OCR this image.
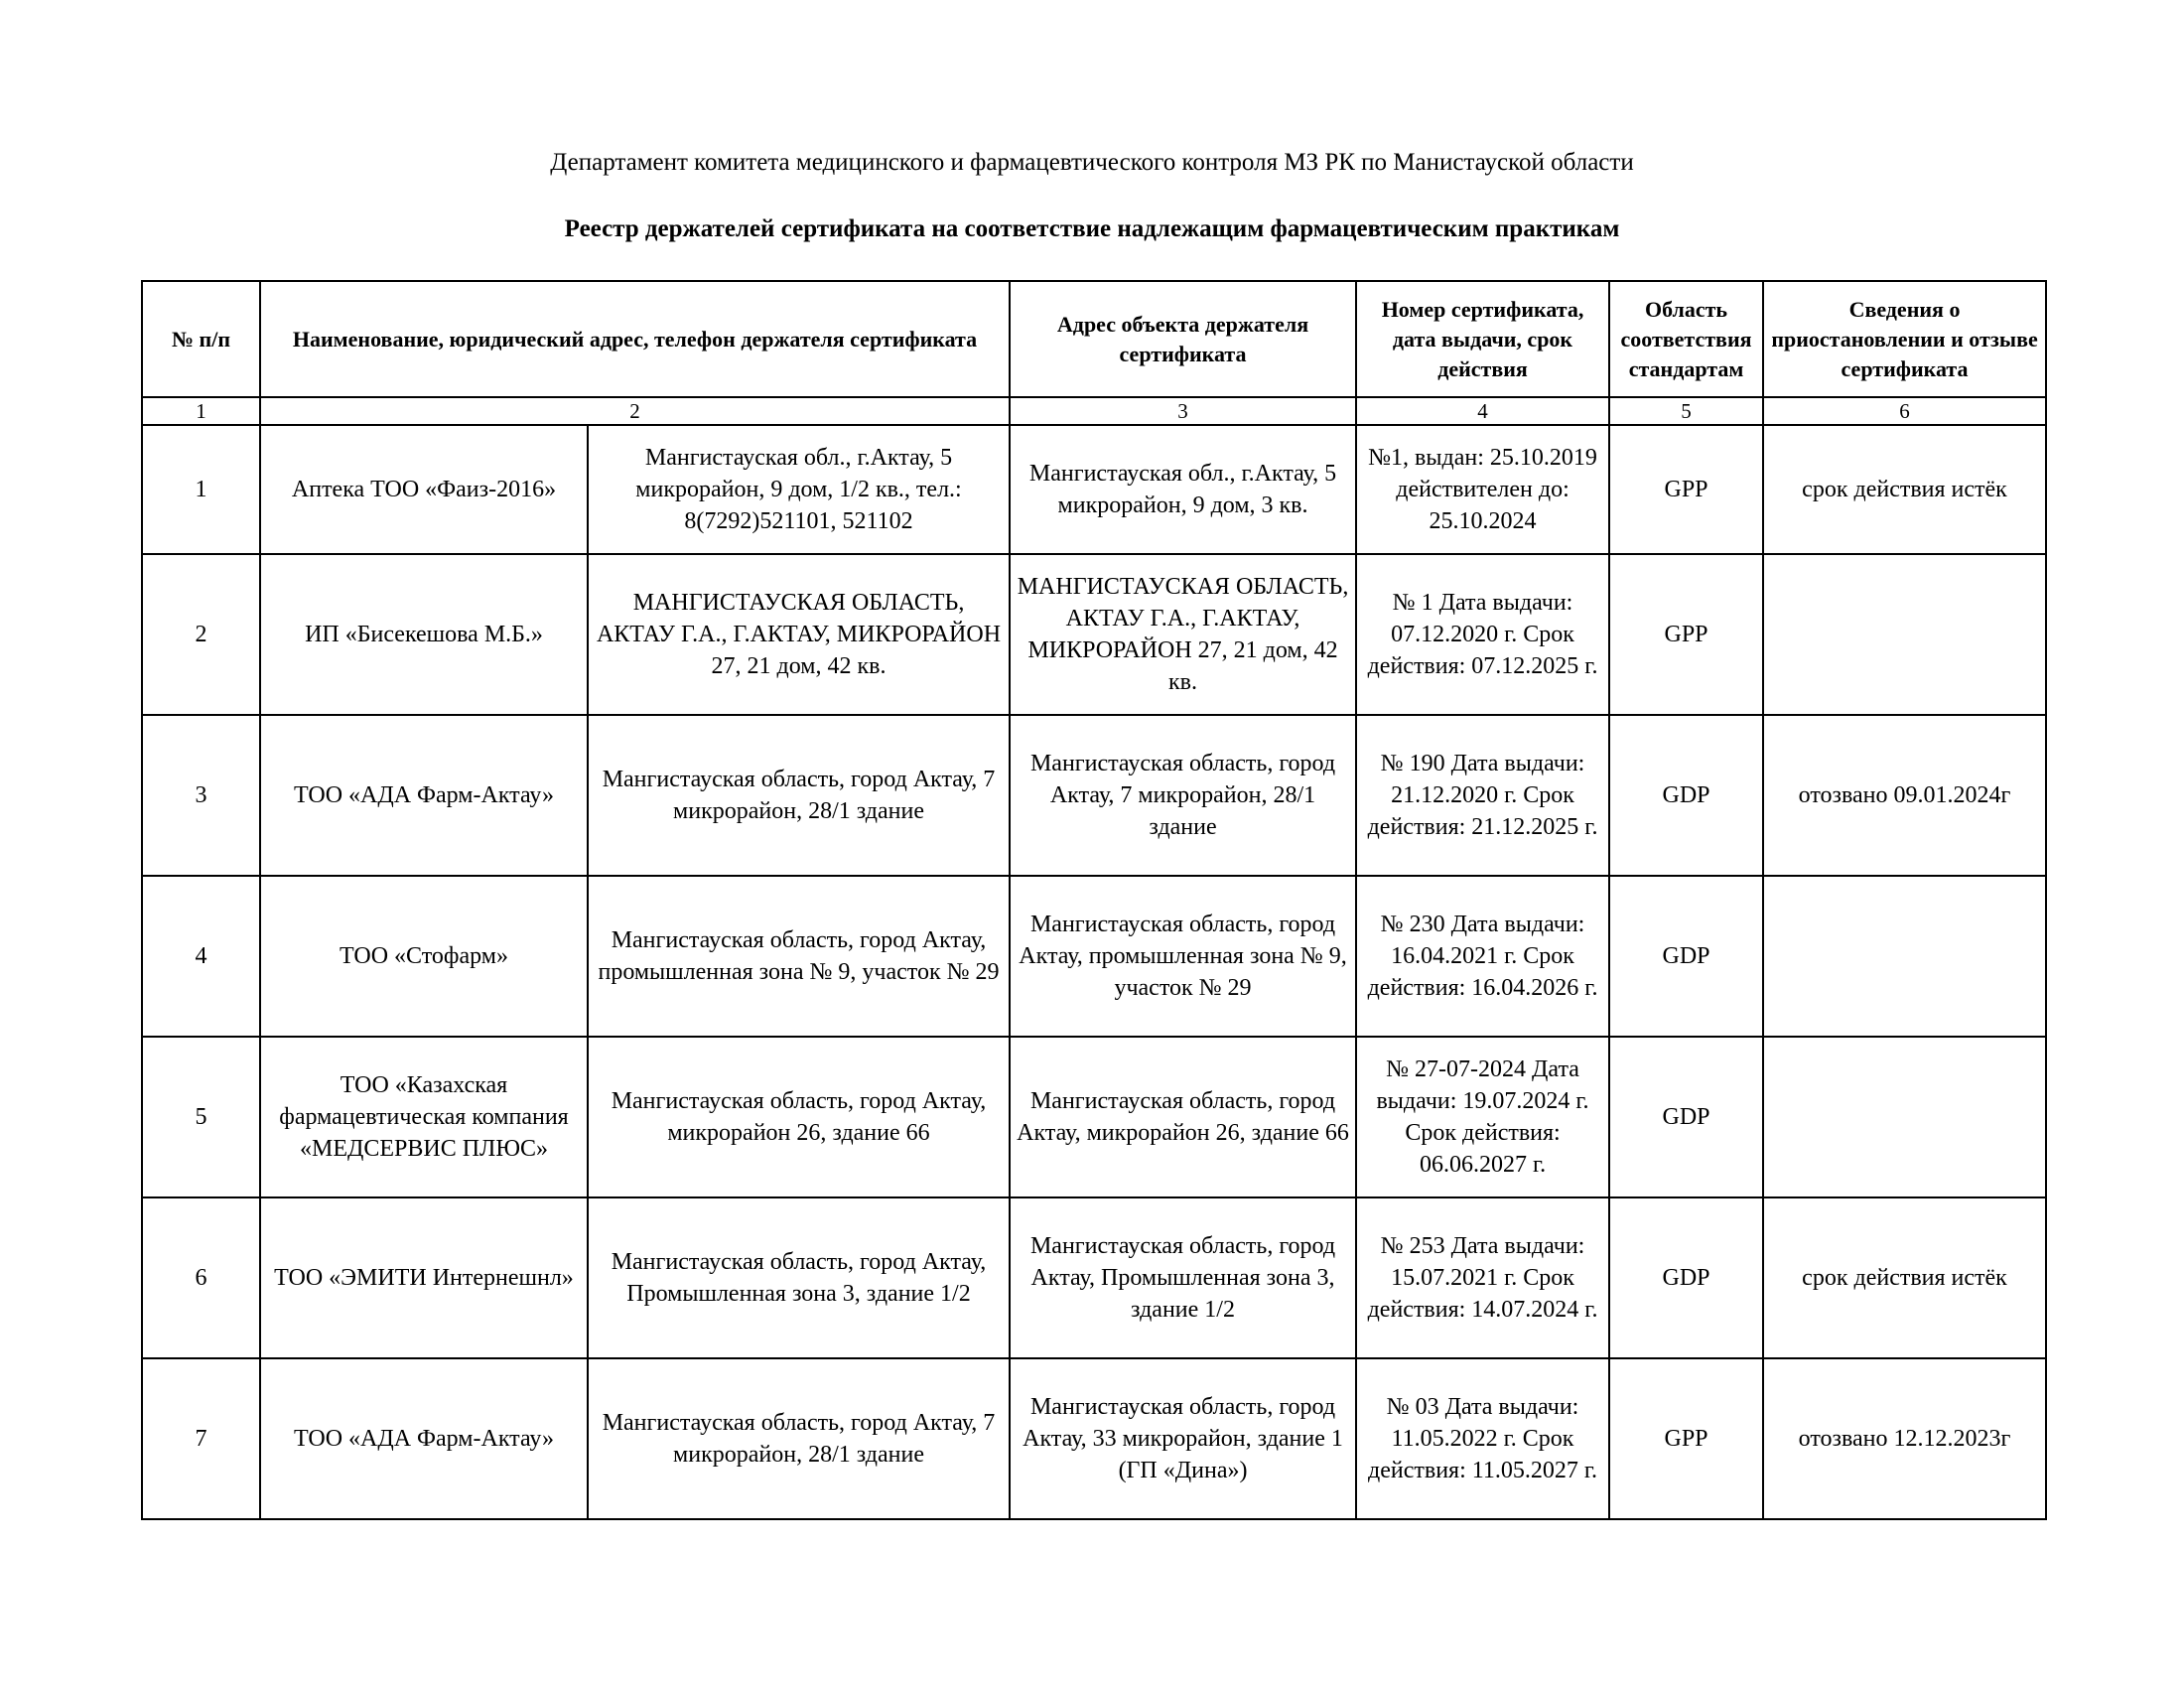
Департамент комитета медицинского и фармацевтического контроля МЗ РК по Манистауской области
Реестр держателей сертификата на соответствие надлежащим фармацевтическим практикам
№ п/п	Наименование, юридический адрес, телефон держателя сертификата		Адрес объекта держателя сертификата	Номер сертификата, дата выдачи, срок действия	Область соответствия стандартам	Сведения о приостановлении и отзыве сертификата
1	2		3	4	5	6
1	Аптека ТОО «Фаиз-2016»	Мангистауская обл., г.Актау, 5 микрорайон, 9 дом, 1/2 кв., тел.: 8(7292)521101, 521102	Мангистауская обл., г.Актау, 5 микрорайон, 9 дом, 3 кв.	№1, выдан: 25.10.2019 действителен до: 25.10.2024	GPP	срок действия истёк
2	ИП «Бисекешова М.Б.»	МАНГИСТАУСКАЯ ОБЛАСТЬ, АКТАУ Г.А., Г.АКТАУ, МИКРОРАЙОН 27, 21 дом, 42 кв.	МАНГИСТАУСКАЯ ОБЛАСТЬ, АКТАУ Г.А., Г.АКТАУ, МИКРОРАЙОН 27, 21 дом, 42 кв.	№ 1 Дата выдачи: 07.12.2020 г. Срок действия: 07.12.2025 г.	GPP	
3	ТОО «АДА Фарм-Актау»	Мангистауская область, город Актау, 7 микрорайон, 28/1 здание	Мангистауская область, город Актау, 7 микрорайон, 28/1 здание	№ 190 Дата выдачи: 21.12.2020 г. Срок действия: 21.12.2025 г.	GDP	отозвано 09.01.2024г
4	ТОО «Стофарм»	Мангистауская область, город Актау, промышленная зона № 9, участок № 29	Мангистауская область, город Актау, промышленная зона № 9, участок № 29	№ 230 Дата выдачи: 16.04.2021 г. Срок действия: 16.04.2026 г.	GDP	
5	ТОО «Казахская фармацевтическая компания «МЕДСЕРВИС ПЛЮС»	Мангистауская область, город Актау, микрорайон 26, здание 66	Мангистауская область, город Актау, микрорайон 26, здание 66	№ 27-07-2024 Дата выдачи: 19.07.2024 г. Срок действия: 06.06.2027 г.	GDP	
6	ТОО «ЭМИТИ Интернешнл»	Мангистауская область, город Актау, Промышленная зона 3, здание 1/2	Мангистауская область, город Актау, Промышленная зона 3, здание 1/2	№ 253 Дата выдачи: 15.07.2021 г. Срок действия: 14.07.2024 г.	GDP	срок действия истёк
7	ТОО «АДА Фарм-Актау»	Мангистауская область, город Актау, 7 микрорайон, 28/1 здание	Мангистауская область, город Актау, 33 микрорайон, здание 1 (ГП «Дина»)	№ 03 Дата выдачи: 11.05.2022 г. Срок действия: 11.05.2027 г.	GPP	отозвано 12.12.2023г
